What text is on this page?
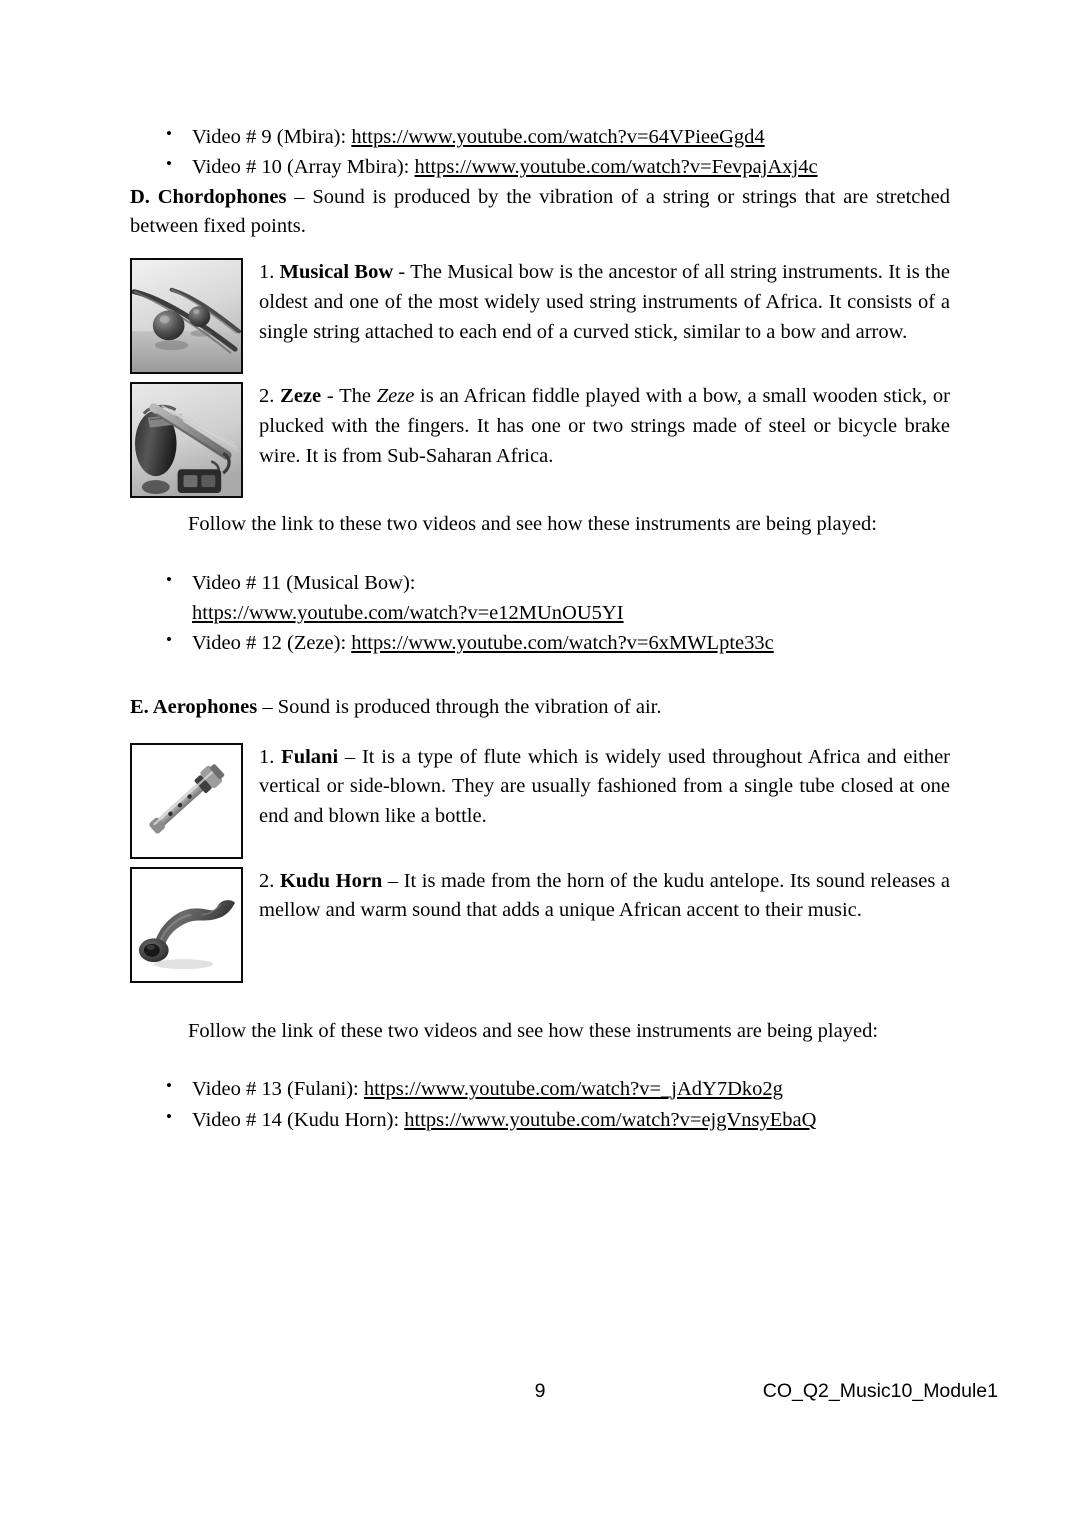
• Video # 9 (Mbira): https://www.youtube.com/watch?v=64VPieeGgd4
• Video # 10 (Array Mbira): https://www.youtube.com/watch?v=FevpajAxj4c

D. Chordophones – Sound is produced by the vibration of a string or strings that are stretched between fixed points.

1. Musical Bow - The Musical bow is the ancestor of all string instruments. It is the oldest and one of the most widely used string instruments of Africa. It consists of a single string attached to each end of a curved stick, similar to a bow and arrow.
2. Zeze - The Zeze is an African fiddle played with a bow, a small wooden stick, or plucked with the fingers. It has one or two strings made of steel or bicycle brake wire. It is from Sub-Saharan Africa.

Follow the link to these two videos and see how these instruments are being played:

• Video # 11 (Musical Bow):
https://www.youtube.com/watch?v=e12MUnOU5YI
• Video # 12 (Zeze): https://www.youtube.com/watch?v=6xMWLpte33c

E. Aerophones – Sound is produced through the vibration of air.

1. Fulani – It is a type of flute which is widely used throughout Africa and either vertical or side-blown. They are usually fashioned from a single tube closed at one end and blown like a bottle.
2. Kudu Horn – It is made from the horn of the kudu antelope. Its sound releases a mellow and warm sound that adds a unique African accent to their music.

Follow the link of these two videos and see how these instruments are being played:

• Video # 13 (Fulani): https://www.youtube.com/watch?v=_jAdY7Dko2g
• Video # 14 (Kudu Horn): https://www.youtube.com/watch?v=ejgVnsyEbaQ
9	CO_Q2_Music10_Module1
